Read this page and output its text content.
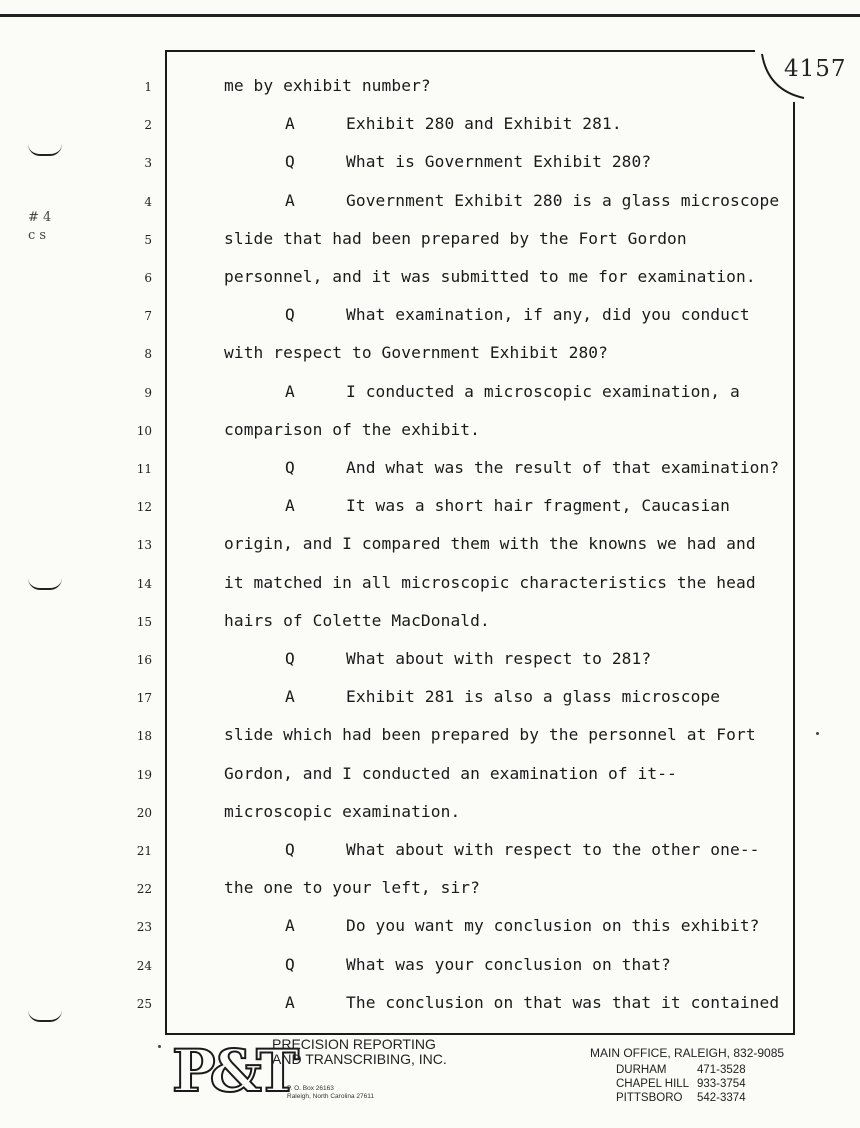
4157
# 4
c s
1	me by exhibit number?
2	A	Exhibit 280 and Exhibit 281.
3	Q	What is Government Exhibit 280?
4	A	Government Exhibit 280 is a glass microscope
5	slide that had been prepared by the Fort Gordon
6	personnel, and it was submitted to me for examination.
7	Q	What examination, if any, did you conduct
8	with respect to Government Exhibit 280?
9	A	I conducted a microscopic examination, a
10	comparison of the exhibit.
11	Q	And what was the result of that examination?
12	A	It was a short hair fragment, Caucasian
13	origin, and I compared them with the knowns we had and
14	it matched in all microscopic characteristics the head
15	hairs of Colette MacDonald.
16	Q	What about with respect to 281?
17	A	Exhibit 281 is also a glass microscope
18	slide which had been prepared by the personnel at Fort
19	Gordon, and I conducted an examination of it--
20	microscopic examination.
21	Q	What about with respect to the other one--
22	the one to your left, sir?
23	A	Do you want my conclusion on this exhibit?
24	Q	What was your conclusion on that?
25	A	The conclusion on that was that it contained
P&T
PRECISION REPORTING
AND TRANSCRIBING, INC.
P. O. Box 26163
Raleigh, North Carolina 27611
MAIN OFFICE, RALEIGH, 832-9085
DURHAM	471-3528
CHAPEL HILL 933-3754
PITTSBORO 542-3374
